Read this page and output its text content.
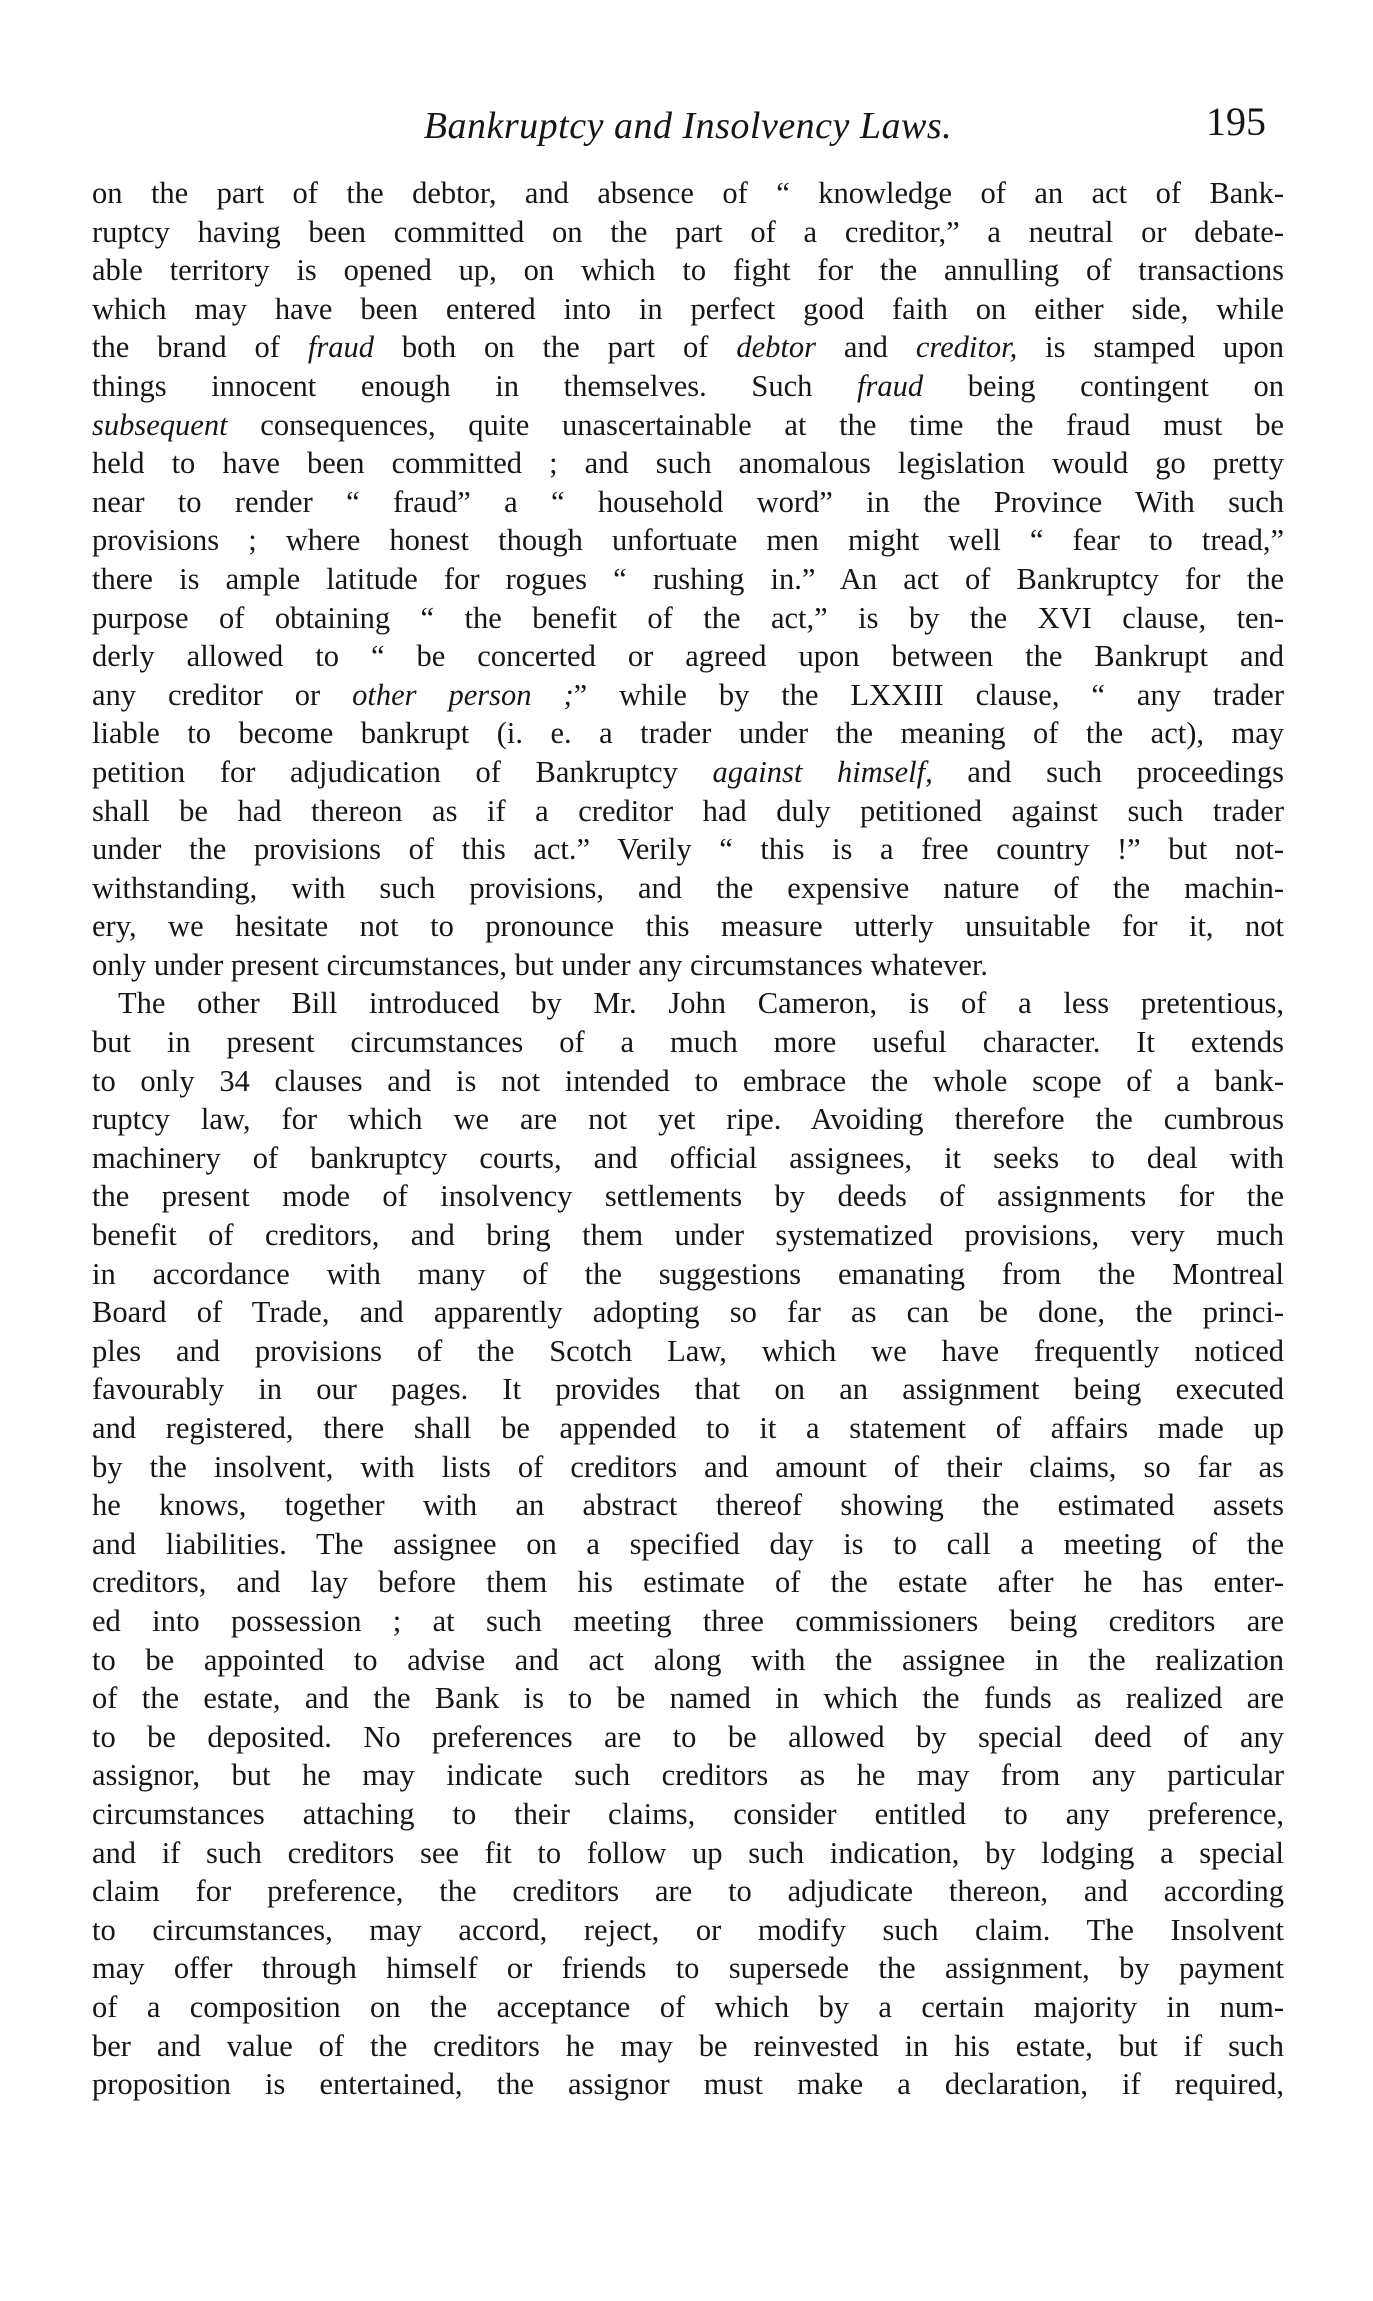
Bankruptcy and Insolvency Laws.	195
on the part of the debtor, and absence of “ knowledge of an act of Bank-
ruptcy having been committed on the part of a creditor,” a neutral or debate-
able territory is opened up, on which to fight for the annulling of transactions
which may have been entered into in perfect good faith on either side, while
the brand of fraud both on the part of debtor and creditor, is stamped upon
things innocent enough in themselves. Such fraud being contingent on
subsequent consequences, quite unascertainable at the time the fraud must be
held to have been committed ; and such anomalous legislation would go pretty
near to render “ fraud” a “ household word” in the Province With such
provisions ; where honest though unfortuate men might well “ fear to tread,”
there is ample latitude for rogues “ rushing in.” An act of Bankruptcy for the
purpose of obtaining “ the benefit of the act,” is by the XVI clause, ten-
derly allowed to “ be concerted or agreed upon between the Bankrupt and
any creditor or other person ;” while by the LXXIII clause, “ any trader
liable to become bankrupt (i. e. a trader under the meaning of the act), may
petition for adjudication of Bankruptcy against himself, and such proceedings
shall be had thereon as if a creditor had duly petitioned against such trader
under the provisions of this act.” Verily “ this is a free country !” but not-
withstanding, with such provisions, and the expensive nature of the machin-
ery, we hesitate not to pronounce this measure utterly unsuitable for it, not
only under present circumstances, but under any circumstances whatever.
The other Bill introduced by Mr. John Cameron, is of a less pretentious,
but in present circumstances of a much more useful character. It extends
to only 34 clauses and is not intended to embrace the whole scope of a bank-
ruptcy law, for which we are not yet ripe. Avoiding therefore the cumbrous
machinery of bankruptcy courts, and official assignees, it seeks to deal with
the present mode of insolvency settlements by deeds of assignments for the
benefit of creditors, and bring them under systematized provisions, very much
in accordance with many of the suggestions emanating from the Montreal
Board of Trade, and apparently adopting so far as can be done, the princi-
ples and provisions of the Scotch Law, which we have frequently noticed
favourably in our pages. It provides that on an assignment being executed
and registered, there shall be appended to it a statement of affairs made up
by the insolvent, with lists of creditors and amount of their claims, so far as
he knows, together with an abstract thereof showing the estimated assets
and liabilities. The assignee on a specified day is to call a meeting of the
creditors, and lay before them his estimate of the estate after he has enter-
ed into possession ; at such meeting three commissioners being creditors are
to be appointed to advise and act along with the assignee in the realization
of the estate, and the Bank is to be named in which the funds as realized are
to be deposited. No preferences are to be allowed by special deed of any
assignor, but he may indicate such creditors as he may from any particular
circumstances attaching to their claims, consider entitled to any preference,
and if such creditors see fit to follow up such indication, by lodging a special
claim for preference, the creditors are to adjudicate thereon, and according
to circumstances, may accord, reject, or modify such claim. The Insolvent
may offer through himself or friends to supersede the assignment, by payment
of a composition on the acceptance of which by a certain majority in num-
ber and value of the creditors he may be reinvested in his estate, but if such
proposition is entertained, the assignor must make a declaration, if required,
